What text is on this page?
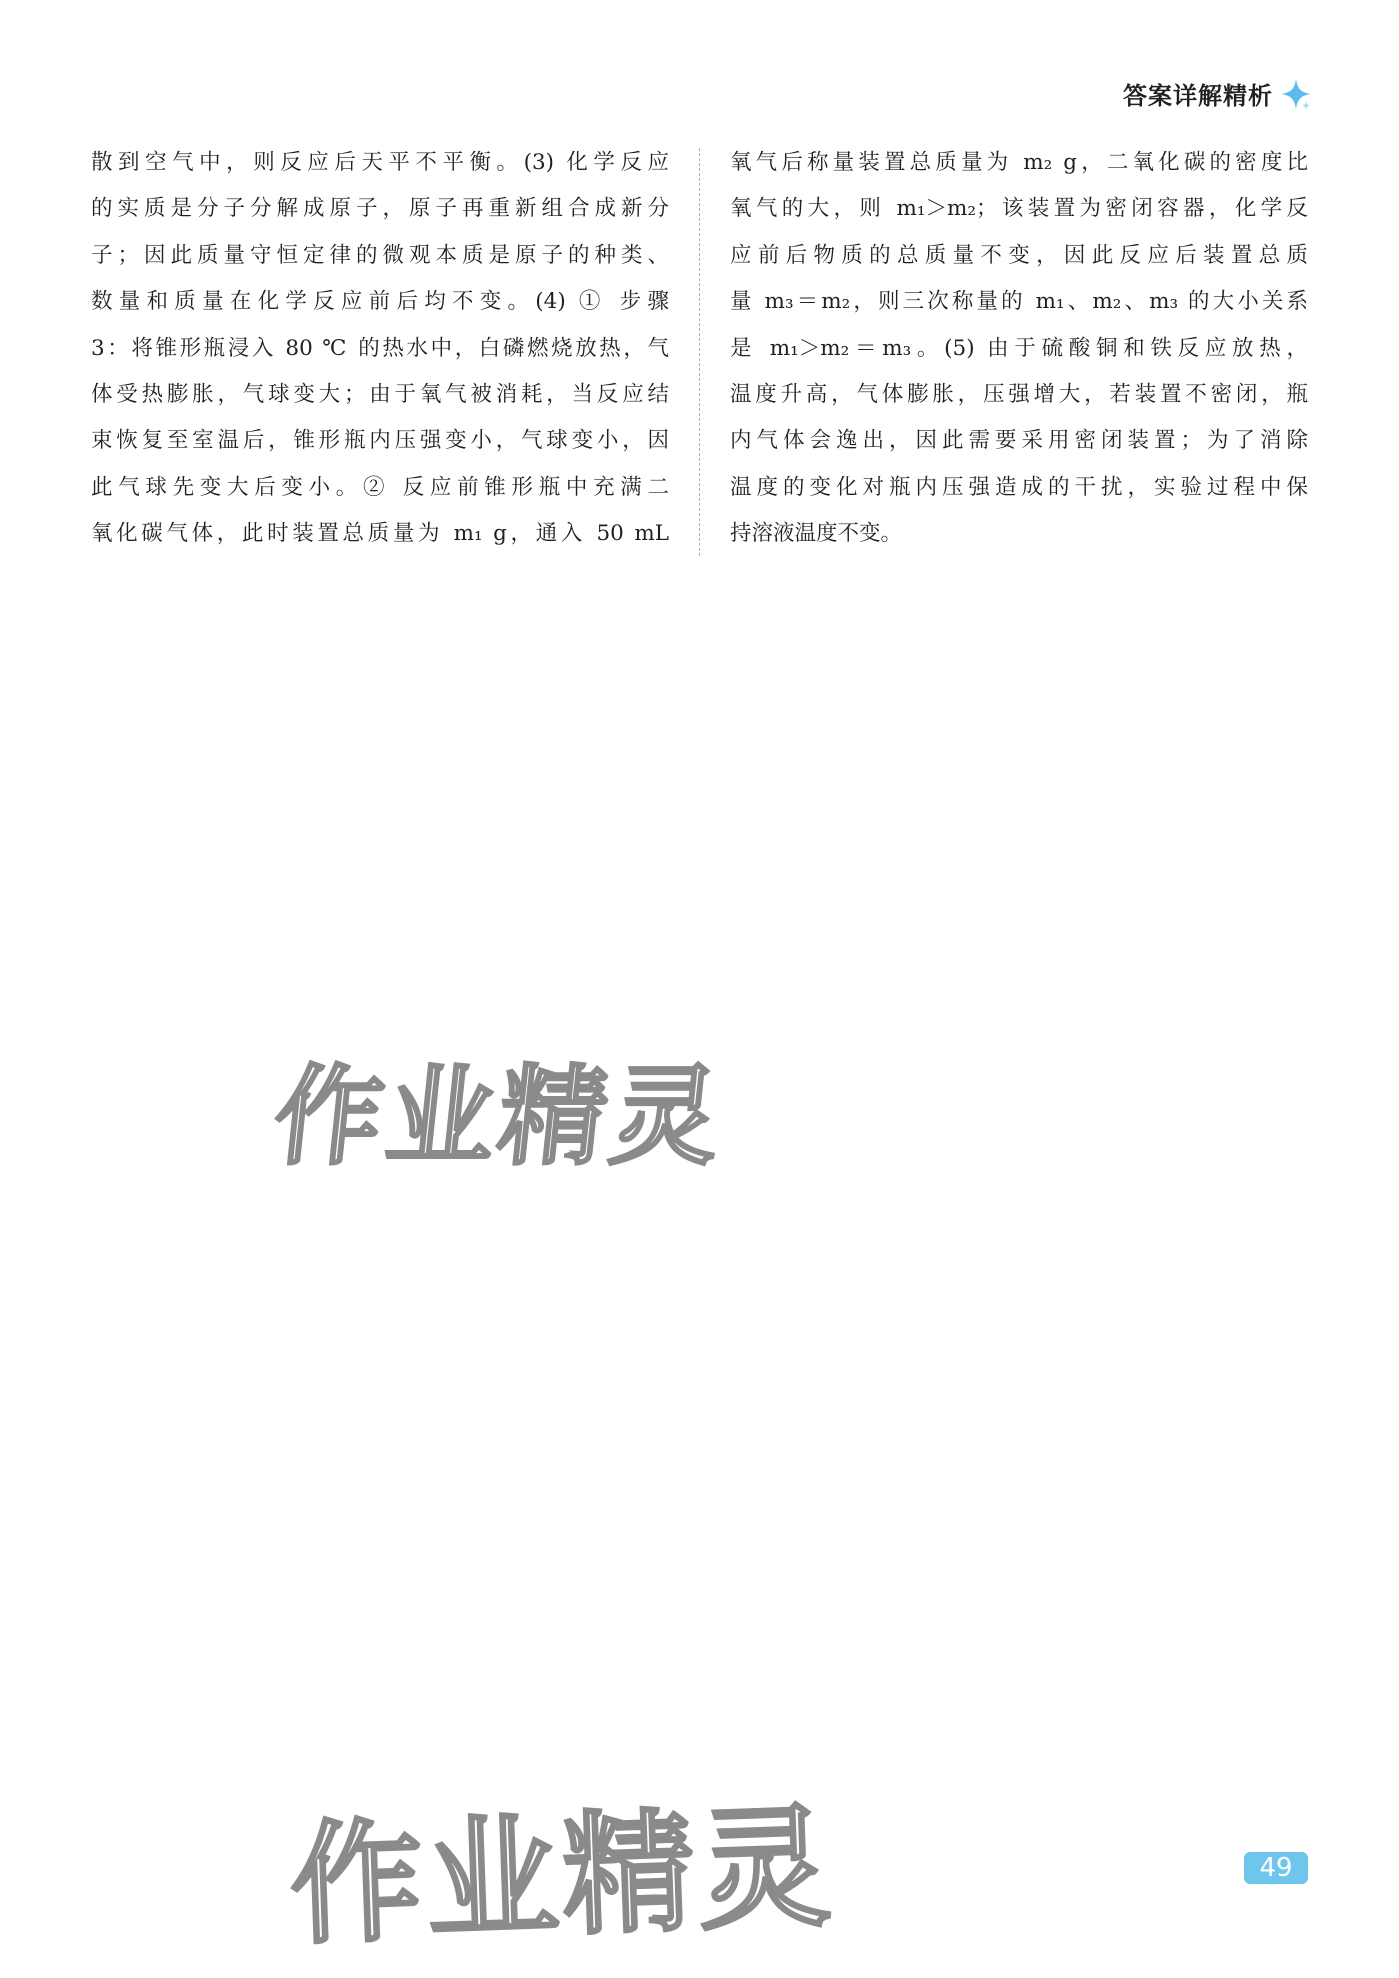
答案详解精析
散到空气中，则反应后天平不平衡。(3) 化学反应
的实质是分子分解成原子，原子再重新组合成新分
子；因此质量守恒定律的微观本质是原子的种类、
数量和质量在化学反应前后均不变。(4) ① 步骤
3：将锥形瓶浸入 80 ℃ 的热水中，白磷燃烧放热，气
体受热膨胀，气球变大；由于氧气被消耗，当反应结
束恢复至室温后，锥形瓶内压强变小，气球变小，因
此气球先变大后变小。② 反应前锥形瓶中充满二
氧化碳气体，此时装置总质量为 m₁ g，通入 50 mL
氧气后称量装置总质量为 m₂ g，二氧化碳的密度比
氧气的大，则 m₁＞m₂；该装置为密闭容器，化学反
应前后物质的总质量不变，因此反应后装置总质
量 m₃＝m₂，则三次称量的 m₁、m₂、m₃ 的大小关系
是 m₁＞m₂＝m₃。(5) 由于硫酸铜和铁反应放热，
温度升高，气体膨胀，压强增大，若装置不密闭，瓶
内气体会逸出，因此需要采用密闭装置；为了消除
温度的变化对瓶内压强造成的干扰，实验过程中保
持溶液温度不变。
作业精灵
作业精灵	49
